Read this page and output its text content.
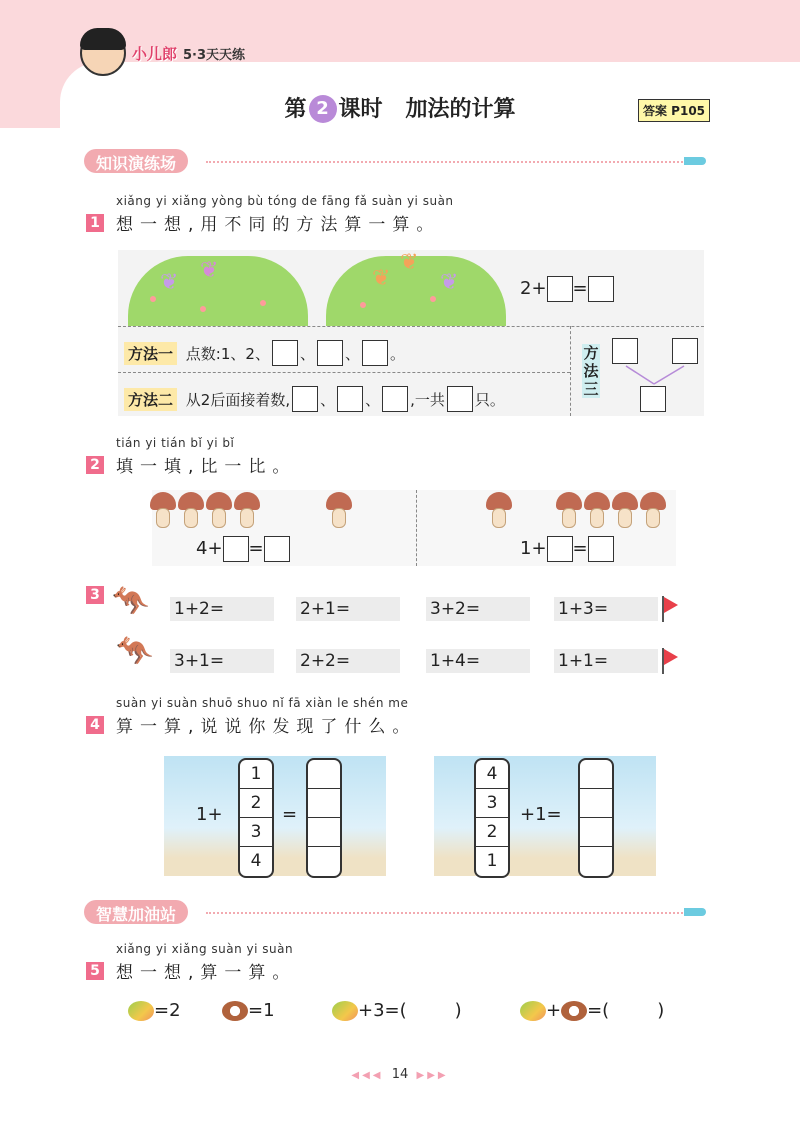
小儿郎 5·3天天练
第 2 课时 加法的计算	答案 P105
知识演练场
xiǎng yi xiǎng yòng bù tóng de fāng fǎ suàn yi suàn
1 想一想,用不同的方法算一算。
❦ ❦	❦
❦
❦	2+ =
方法一
点数:1、2、 、 、 。
方法二
从2后面接着数, 、 、 ,一共 只。
方法三
tián yi tián bǐ yi bǐ
2 填一填,比一比。
4+ =	1+ =
3 🦘
🦘
1+2=	2+1=	3+2=	1+3=
3+1=	2+2=	1+4=	1+1=
suàn yi suàn shuō shuo nǐ fā xiàn le shén me
4 算一算,说说你发现了什么。
1+
1
2
3
4
=
4
3
2
1
+1=
智慧加油站
xiǎng yi xiǎng suàn yi suàn
5 想一想,算一算。
=2	=1	+3=(	)	+ =(	)
◀◀◀ 14 ▶▶▶
